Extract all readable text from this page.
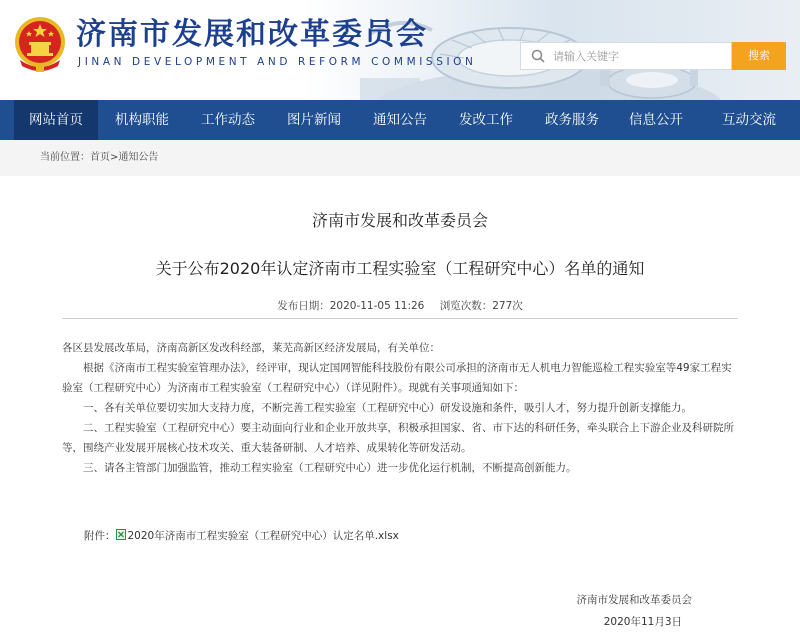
济南市发展和改革委员会
JINAN DEVELOPMENT AND REFORM COMMISSION
请输入关键字	搜索
网站首页	机构职能	工作动态	图片新闻	通知公告	发改工作	政务服务	信息公开	互动交流
当前位置：首页>通知公告
济南市发展和改革委员会
关于公布2020年认定济南市工程实验室（工程研究中心）名单的通知
发布日期：2020-11-05 11:26 浏览次数：277次

各区县发展改革局，济南高新区发改科经部，莱芜高新区经济发展局，有关单位：

根据《济南市工程实验室管理办法》，经评审，现认定国网智能科技股份有限公司承担的济南市无人机电力智能巡检工程实验室等49家工程实验室（工程研究中心）为济南市工程实验室（工程研究中心）（详见附件）。现就有关事项通知如下：

一、各有关单位要切实加大支持力度，不断完善工程实验室（工程研究中心）研发设施和条件，吸引人才，努力提升创新支撑能力。

二、工程实验室（工程研究中心）要主动面向行业和企业开放共享，积极承担国家、省、市下达的科研任务，牵头联合上下游企业及科研院所等，围绕产业发展开展核心技术攻关、重大装备研制、人才培养、成果转化等研发活动。

三、请各主管部门加强监管，推动工程实验室（工程研究中心）进一步优化运行机制，不断提高创新能力。

附件： 2020年济南市工程实验室（工程研究中心）认定名单.xlsx
济南市发展和改革委员会
2020年11月3日
